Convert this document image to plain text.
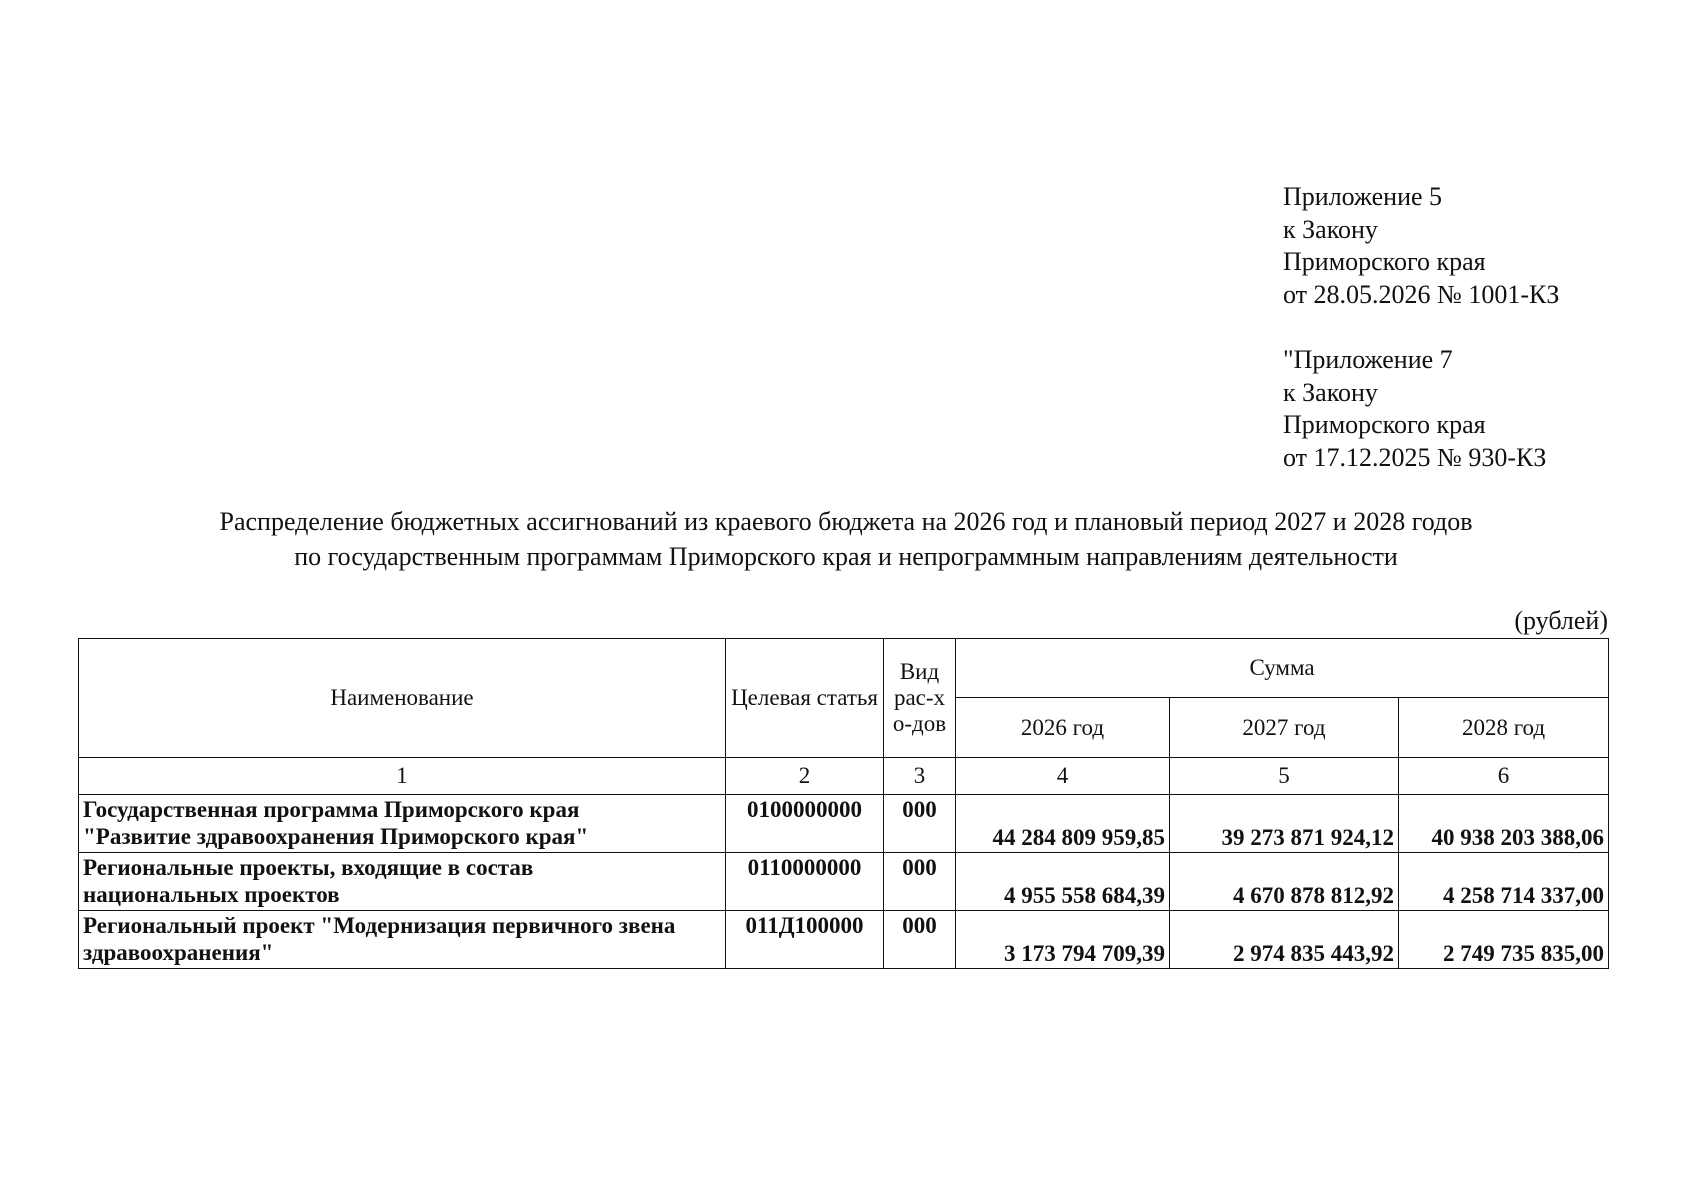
Приложение 5
к Закону
Приморского края
от 28.05.2026 № 1001-КЗ
"Приложение 7
к Закону
Приморского края
от 17.12.2025 № 930-КЗ
Распределение бюджетных ассигнований из краевого бюджета на 2026 год и плановый период 2027 и 2028 годов
по государственным программам Приморского края и непрограммным направлениям деятельности
(рублей)
Наименование	Целевая статья	Вид рас-хо-дов	Сумма		
			2026 год	2027 год	2028 год
1	2	3	4	5	6
Государственная программа Приморского края
"Развитие здравоохранения Приморского края"	0100000000	000	44 284 809 959,85	39 273 871 924,12	40 938 203 388,06
Региональные проекты, входящие в состав
национальных проектов	0110000000	000	4 955 558 684,39	4 670 878 812,92	4 258 714 337,00
Региональный проект "Модернизация первичного звена
здравоохранения"	011Д100000	000	3 173 794 709,39	2 974 835 443,92	2 749 735 835,00
